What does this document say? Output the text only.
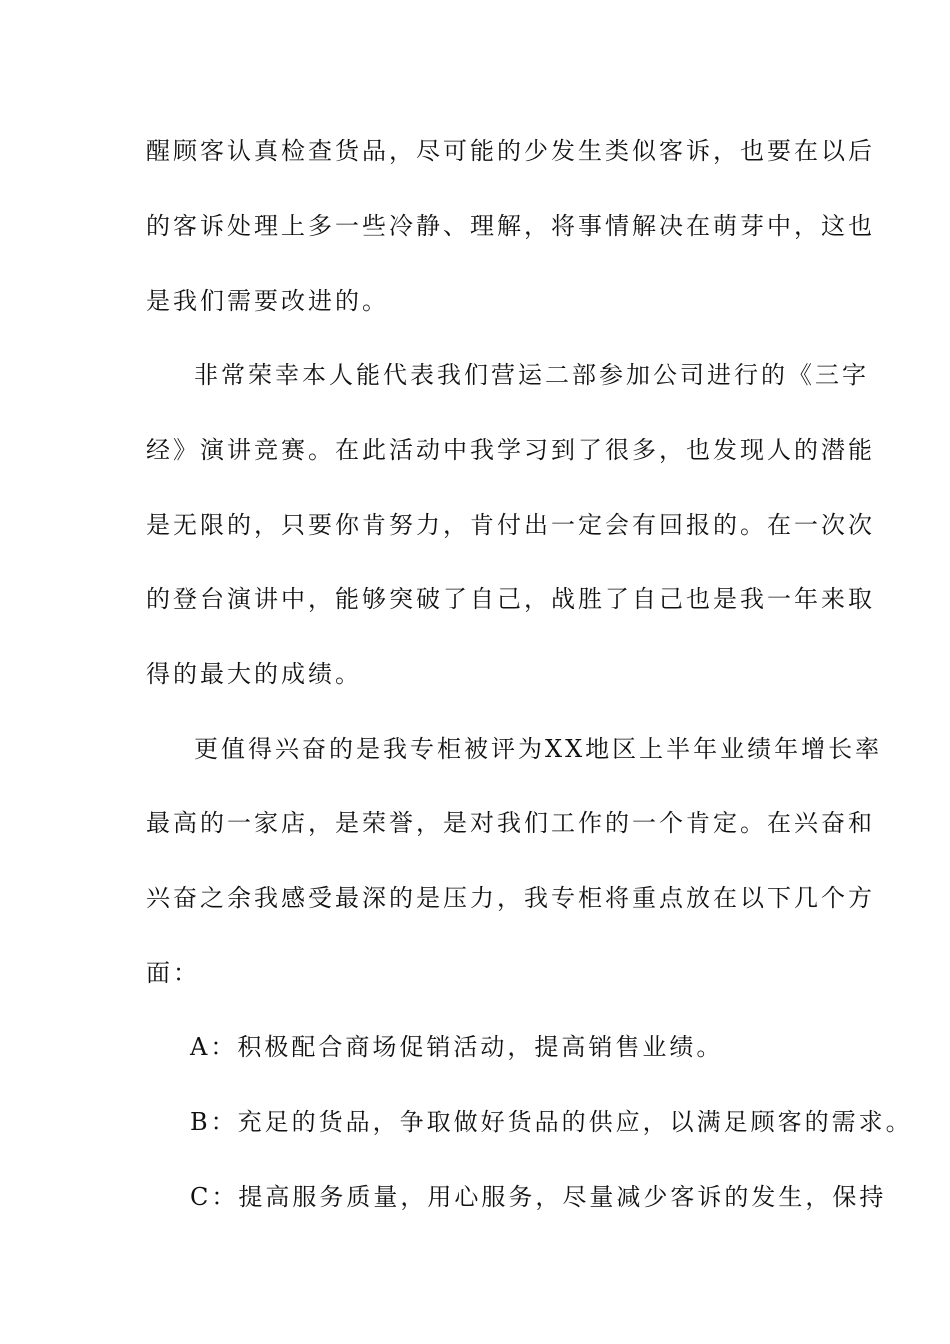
醒顾客认真检查货品，尽可能的少发生类似客诉，也要在以后
的客诉处理上多一些冷静、理解，将事情解决在萌芽中，这也
是我们需要改进的。
非常荣幸本人能代表我们营运二部参加公司进行的《三字
经》演讲竞赛。在此活动中我学习到了很多，也发现人的潜能
是无限的，只要你肯努力，肯付出一定会有回报的。在一次次
的登台演讲中，能够突破了自己，战胜了自己也是我一年来取
得的最大的成绩。
更值得兴奋的是我专柜被评为XX地区上半年业绩年增长率
最高的一家店，是荣誉，是对我们工作的一个肯定。在兴奋和
兴奋之余我感受最深的是压力，我专柜将重点放在以下几个方
面：
A：积极配合商场促销活动，提高销售业绩。
B：充足的货品，争取做好货品的供应，以满足顾客的需求。
C：提高服务质量，用心服务，尽量减少客诉的发生，保持
